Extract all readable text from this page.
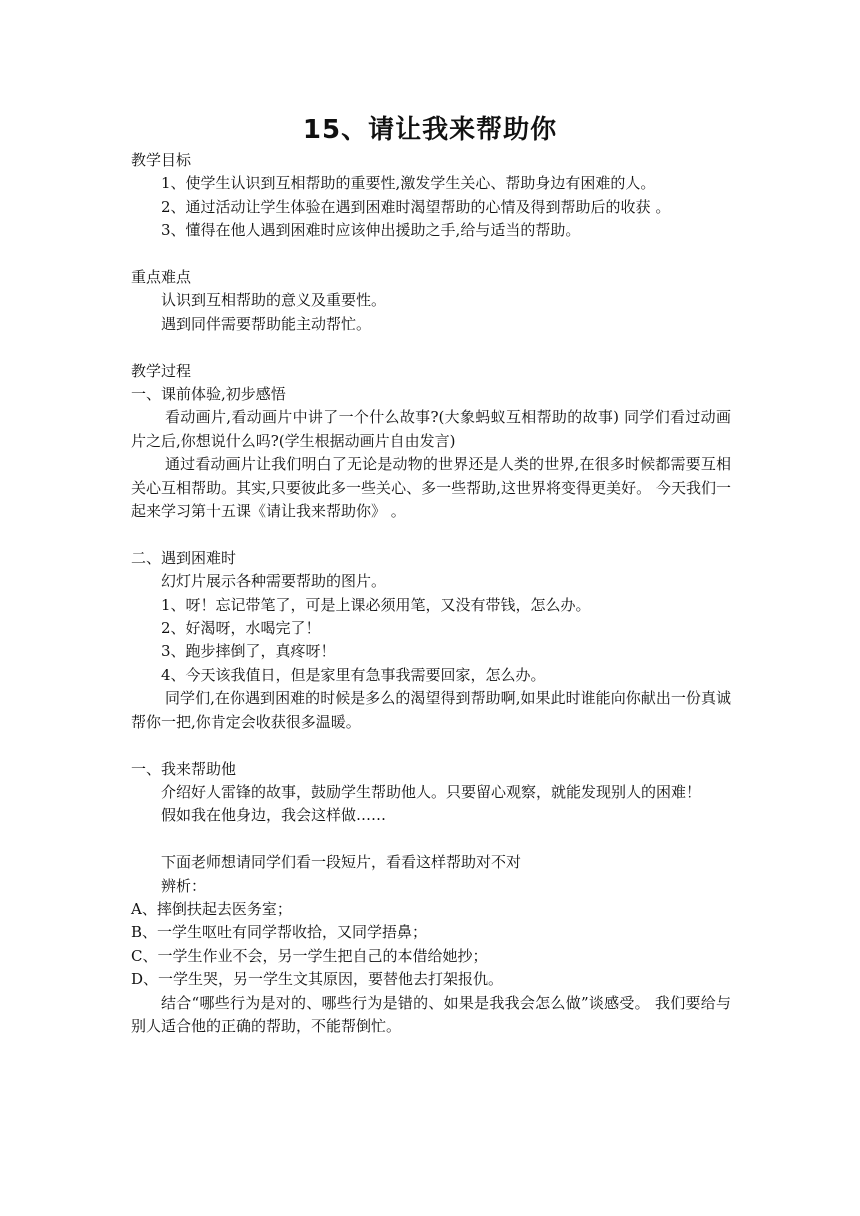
15、请让我来帮助你
教学目标
1、使学生认识到互相帮助的重要性,激发学生关心、帮助身边有困难的人。
2、通过活动让学生体验在遇到困难时渴望帮助的心情及得到帮助后的收获 。
3、懂得在他人遇到困难时应该伸出援助之手,给与适当的帮助。
重点难点
认识到互相帮助的意义及重要性。
遇到同伴需要帮助能主动帮忙。
教学过程
一、课前体验,初步感悟
看动画片,看动画片中讲了一个什么故事?(大象蚂蚁互相帮助的故事) 同学们看过动画片之后,你想说什么吗?(学生根据动画片自由发言)
通过看动画片让我们明白了无论是动物的世界还是人类的世界,在很多时候都需要互相关心互相帮助。其实,只要彼此多一些关心、多一些帮助,这世界将变得更美好。 今天我们一起来学习第十五课《请让我来帮助你》 。
二、遇到困难时
幻灯片展示各种需要帮助的图片。
1、呀！忘记带笔了，可是上课必须用笔，又没有带钱，怎么办。
2、好渴呀，水喝完了！
3、跑步摔倒了，真疼呀！
4、今天该我值日，但是家里有急事我需要回家，怎么办。
同学们,在你遇到困难的时候是多么的渴望得到帮助啊,如果此时谁能向你献出一份真诚帮你一把,你肯定会收获很多温暖。
一、我来帮助他
介绍好人雷锋的故事，鼓励学生帮助他人。只要留心观察，就能发现别人的困难！
假如我在他身边，我会这样做……
下面老师想请同学们看一段短片，看看这样帮助对不对
辨析：
A、摔倒扶起去医务室；
B、一学生呕吐有同学帮收拾，又同学捂鼻；
C、一学生作业不会，另一学生把自己的本借给她抄；
D、一学生哭，另一学生文其原因，要替他去打架报仇。
结合“哪些行为是对的、哪些行为是错的、如果是我我会怎么做”谈感受。 我们要给与别人适合他的正确的帮助，不能帮倒忙。
